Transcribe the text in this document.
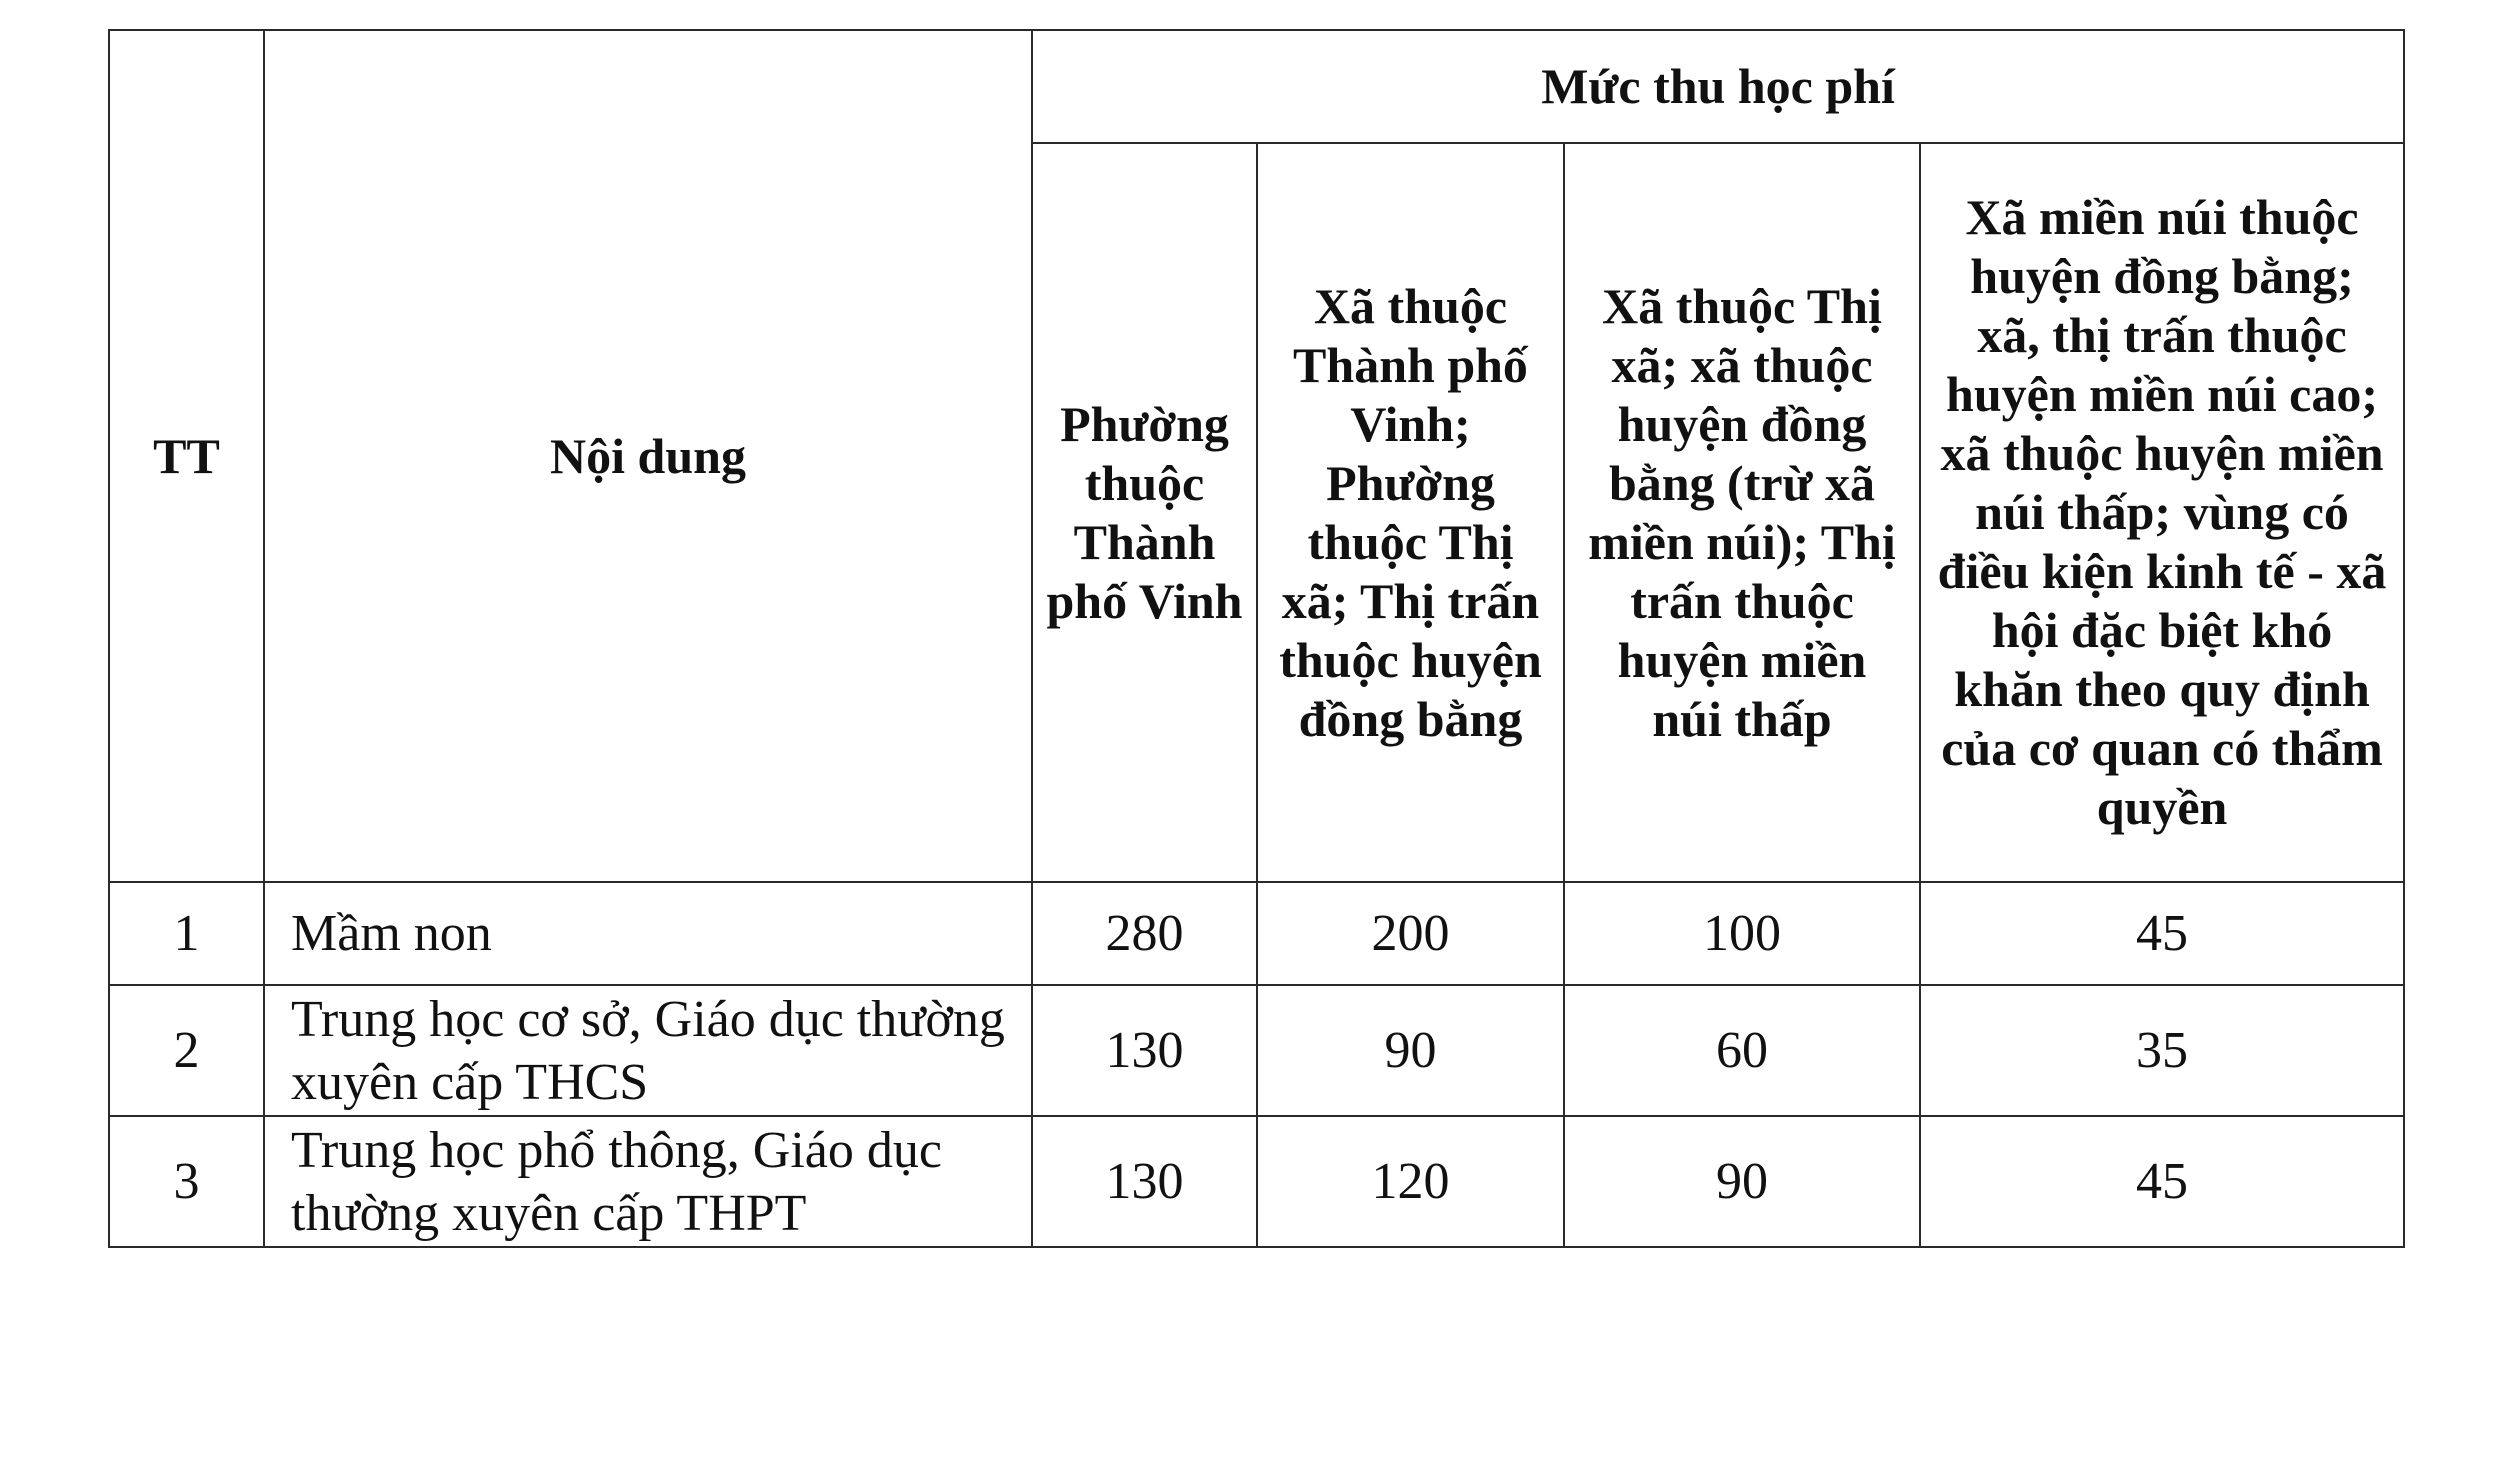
TT	Nội dung	Mức thu học phí			

		Phường thuộc Thành phố Vinh	Xã thuộc Thành phố Vinh; Phường thuộc Thị xã; Thị trấn thuộc huyện đồng bằng	Xã thuộc Thị xã; xã thuộc huyện đồng bằng (trừ xã miền núi); Thị trấn thuộc huyện miền núi thấp	Xã miền núi thuộc huyện đồng bằng; xã, thị trấn thuộc huyện miền núi cao; xã thuộc huyện miền núi thấp; vùng có điều kiện kinh tế - xã hội đặc biệt khó khăn theo quy định của cơ quan có thẩm quyền

1	Mầm non	280	200	100	45
2	Trung học cơ sở, Giáo dục thường xuyên cấp THCS	130	90	60	35
3	Trung học phổ thông, Giáo dục thường xuyên cấp THPT	130	120	90	45
